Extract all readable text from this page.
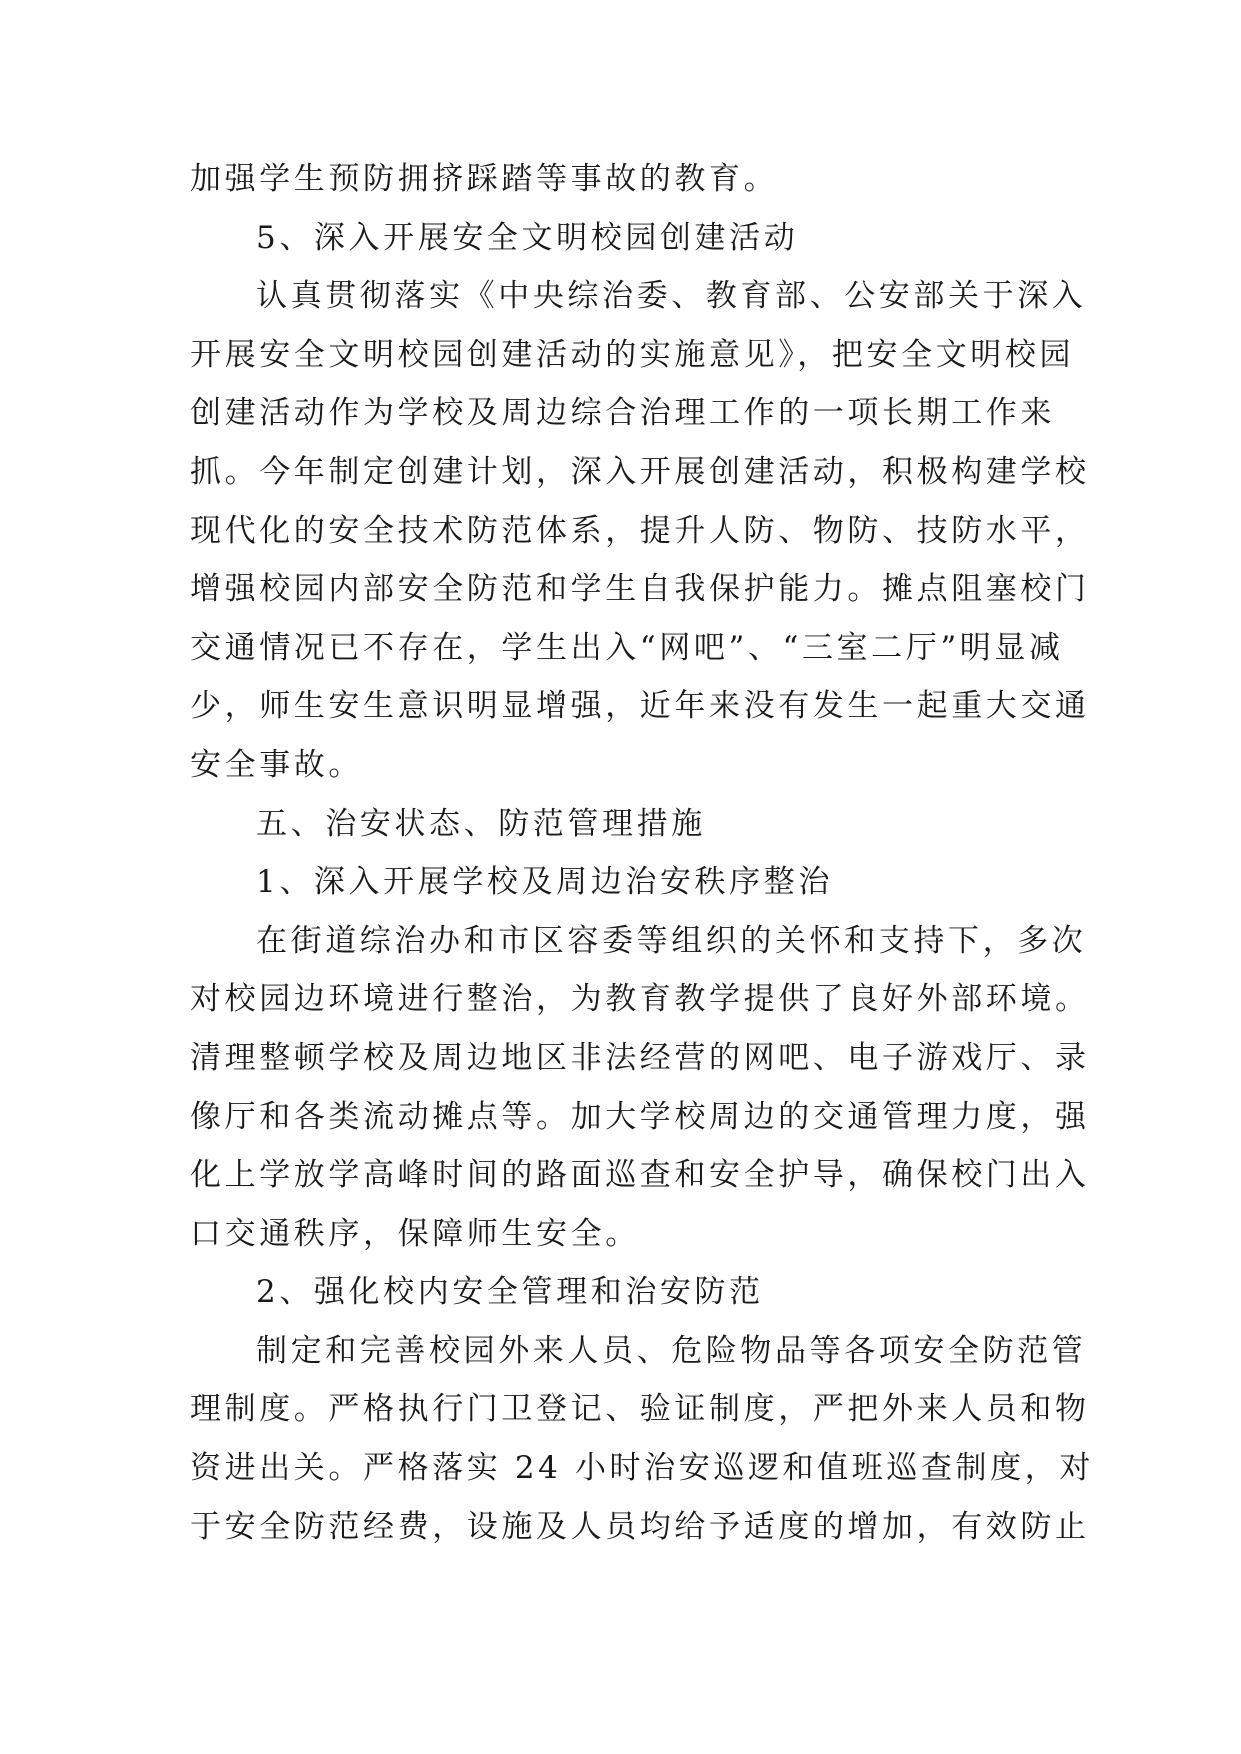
加强学生预防拥挤踩踏等事故的教育。
5、深入开展安全文明校园创建活动
认真贯彻落实《中央综治委、教育部、公安部关于深入
开展安全文明校园创建活动的实施意见》，把安全文明校园
创建活动作为学校及周边综合治理工作的一项长期工作来
抓。今年制定创建计划，深入开展创建活动，积极构建学校
现代化的安全技术防范体系，提升人防、物防、技防水平，
增强校园内部安全防范和学生自我保护能力。摊点阻塞校门
交通情况已不存在，学生出入“网吧”、“三室二厅”明显减
少，师生安生意识明显增强，近年来没有发生一起重大交通
安全事故。
五、治安状态、防范管理措施
1、深入开展学校及周边治安秩序整治
在街道综治办和市区容委等组织的关怀和支持下，多次
对校园边环境进行整治，为教育教学提供了良好外部环境。
清理整顿学校及周边地区非法经营的网吧、电子游戏厅、录
像厅和各类流动摊点等。加大学校周边的交通管理力度，强
化上学放学高峰时间的路面巡查和安全护导，确保校门出入
口交通秩序，保障师生安全。
2、强化校内安全管理和治安防范
制定和完善校园外来人员、危险物品等各项安全防范管
理制度。严格执行门卫登记、验证制度，严把外来人员和物
资进出关。严格落实 24 小时治安巡逻和值班巡查制度，对
于安全防范经费，设施及人员均给予适度的增加，有效防止
